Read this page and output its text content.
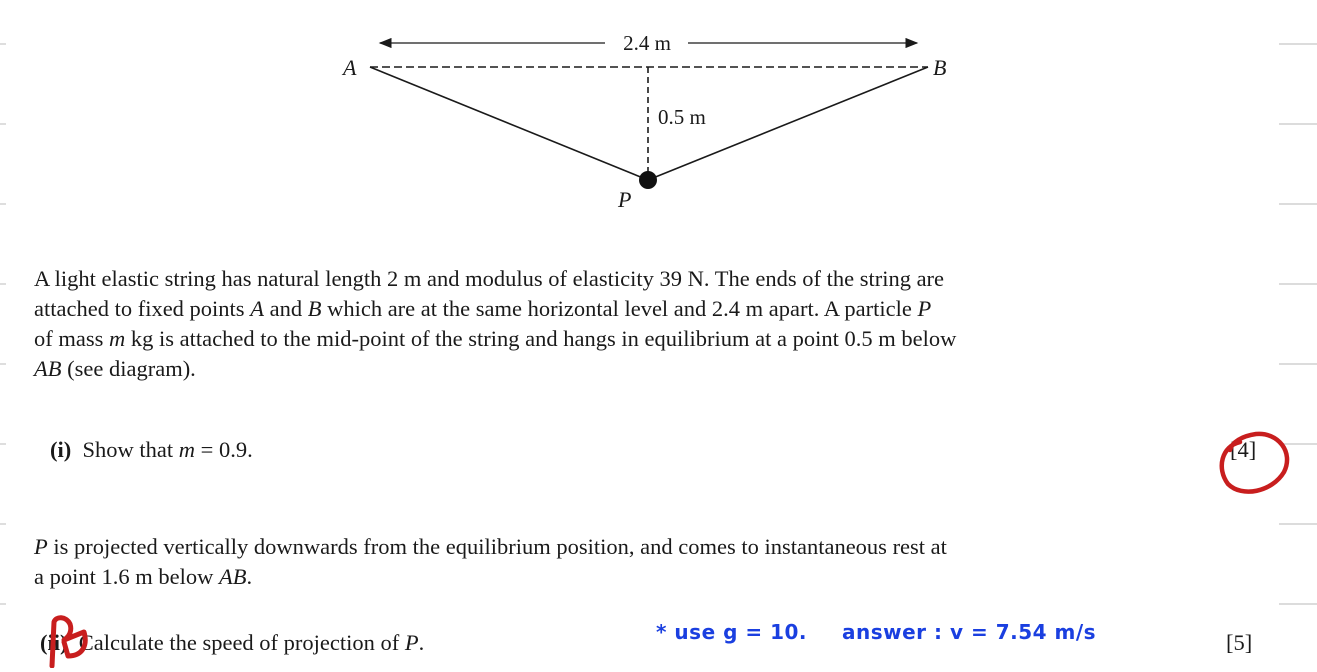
2.4 m
A	B
P
0.5 m

A light elastic string has natural length 2 m and modulus of elasticity 39 N. The ends of the string are

attached to fixed points A and B which are at the same horizontal level and 2.4 m apart. A particle P

of mass m kg is attached to the mid-point of the string and hangs in equilibrium at a point 0.5 m below

AB (see diagram).

(i) Show that m = 0.9.	[4]

P is projected vertically downwards from the equilibrium position, and comes to instantaneous rest at

a point 1.6 m below AB.

(ii) Calculate the speed of projection of P.	[5]
* use g = 10. answer : v = 7.54 m/s
